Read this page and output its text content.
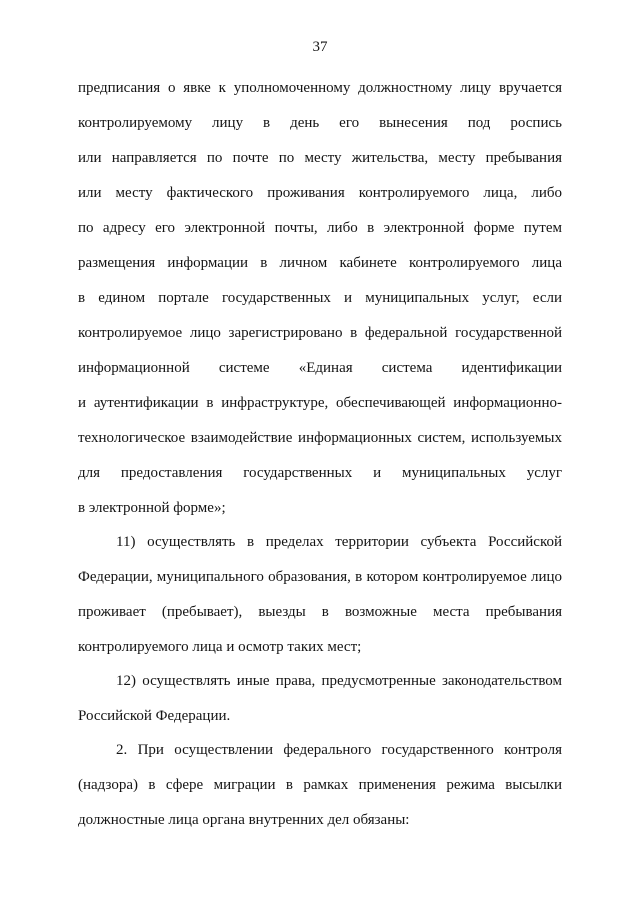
37
предписания о явке к уполномоченному должностному лицу вручается
контролируемому лицу в день его вынесения под роспись
или направляется по почте по месту жительства, месту пребывания
или месту фактического проживания контролируемого лица, либо
по адресу его электронной почты, либо в электронной форме путем
размещения информации в личном кабинете контролируемого лица
в едином портале государственных и муниципальных услуг, если
контролируемое лицо зарегистрировано в федеральной государственной
информационной системе «Единая система идентификации
и аутентификации в инфраструктуре, обеспечивающей информационно-
технологическое взаимодействие информационных систем, используемых
для предоставления государственных и муниципальных услуг
в электронной форме»;
11) осуществлять в пределах территории субъекта Российской
Федерации, муниципального образования, в котором контролируемое лицо
проживает (пребывает), выезды в возможные места пребывания
контролируемого лица и осмотр таких мест;
12) осуществлять иные права, предусмотренные законодательством
Российской Федерации.
2. При осуществлении федерального государственного контроля
(надзора) в сфере миграции в рамках применения режима высылки
должностные лица органа внутренних дел обязаны:
